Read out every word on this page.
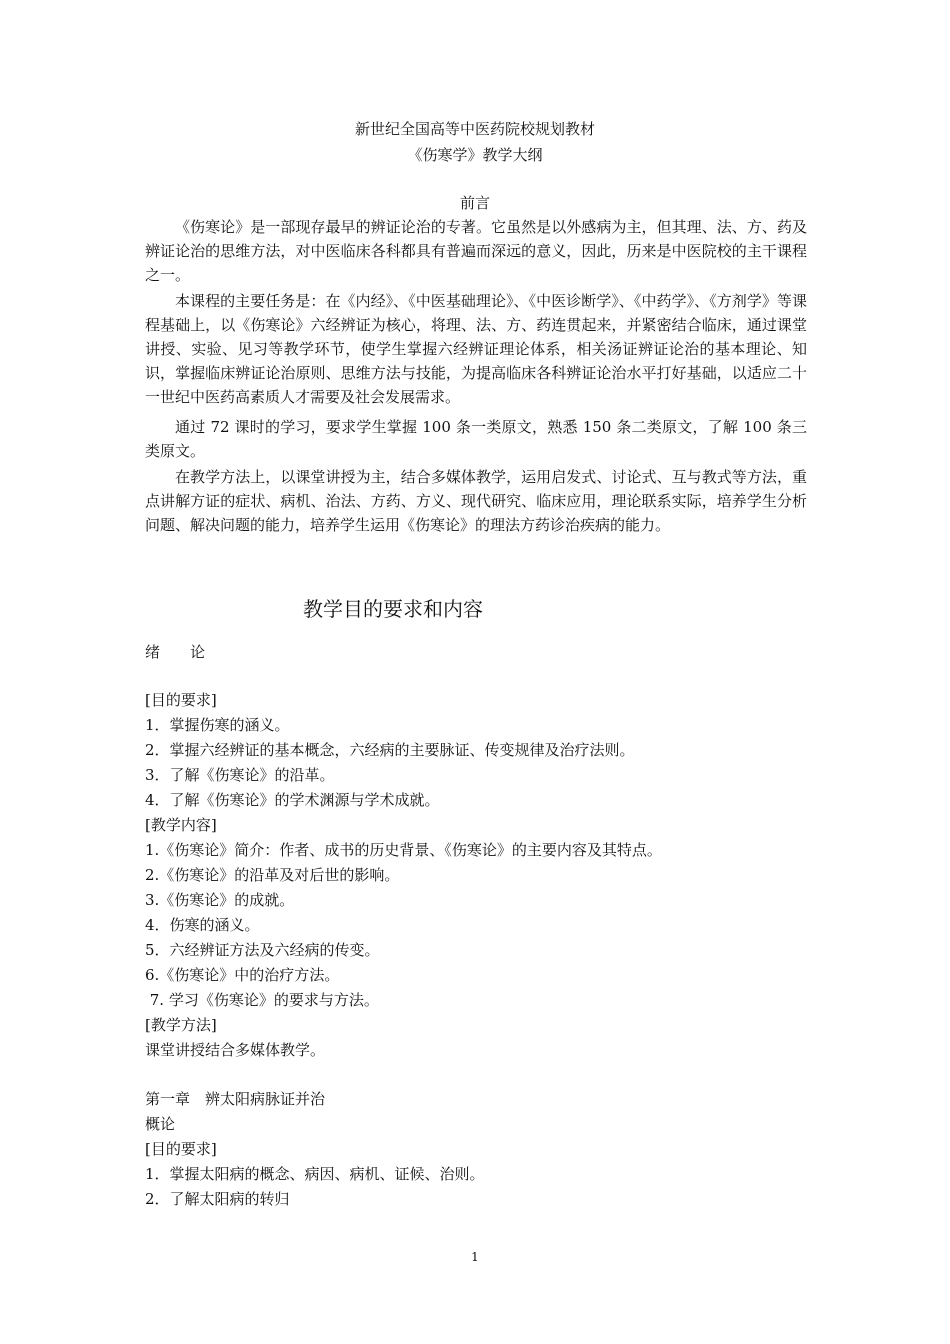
新世纪全国高等中医药院校规划教材
《伤寒学》教学大纲
前言

《伤寒论》是一部现存最早的辨证论治的专著。它虽然是以外感病为主，但其理、法、方、药及辨证论治的思维方法，对中医临床各科都具有普遍而深远的意义，因此，历来是中医院校的主干课程之一。

本课程的主要任务是：在《内经》、《中医基础理论》、《中医诊断学》、《中药学》、《方剂学》等课程基础上，以《伤寒论》六经辨证为核心，将理、法、方、药连贯起来，并紧密结合临床，通过课堂讲授、实验、见习等教学环节，使学生掌握六经辨证理论体系，相关汤证辨证论治的基本理论、知识，掌握临床辨证论治原则、思维方法与技能，为提高临床各科辨证论治水平打好基础，以适应二十一世纪中医药高素质人才需要及社会发展需求。

通过 72 课时的学习，要求学生掌握 100 条一类原文，熟悉 150 条二类原文，了解 100 条三类原文。

在教学方法上，以课堂讲授为主，结合多媒体教学，运用启发式、讨论式、互与教式等方法，重点讲解方证的症状、病机、治法、方药、方义、现代研究、临床应用，理论联系实际，培养学生分析问题、解决问题的能力，培养学生运用《伤寒论》的理法方药诊治疾病的能力。

教学目的要求和内容
绪　　论
[目的要求]
1．掌握伤寒的涵义。
2．掌握六经辨证的基本概念，六经病的主要脉证、传变规律及治疗法则。
3．了解《伤寒论》的沿革。
4．了解《伤寒论》的学术渊源与学术成就。
[教学内容]
1.《伤寒论》简介：作者、成书的历史背景、《伤寒论》的主要内容及其特点。
2.《伤寒论》的沿革及对后世的影响。
3.《伤寒论》的成就。
4．伤寒的涵义。
5．六经辨证方法及六经病的传变。
6.《伤寒论》中的治疗方法。
7. 学习《伤寒论》的要求与方法。
[教学方法]
课堂讲授结合多媒体教学。
第一章　辨太阳病脉证并治
概论
[目的要求]
1．掌握太阳病的概念、病因、病机、证候、治则。
2．了解太阳病的转归
1
